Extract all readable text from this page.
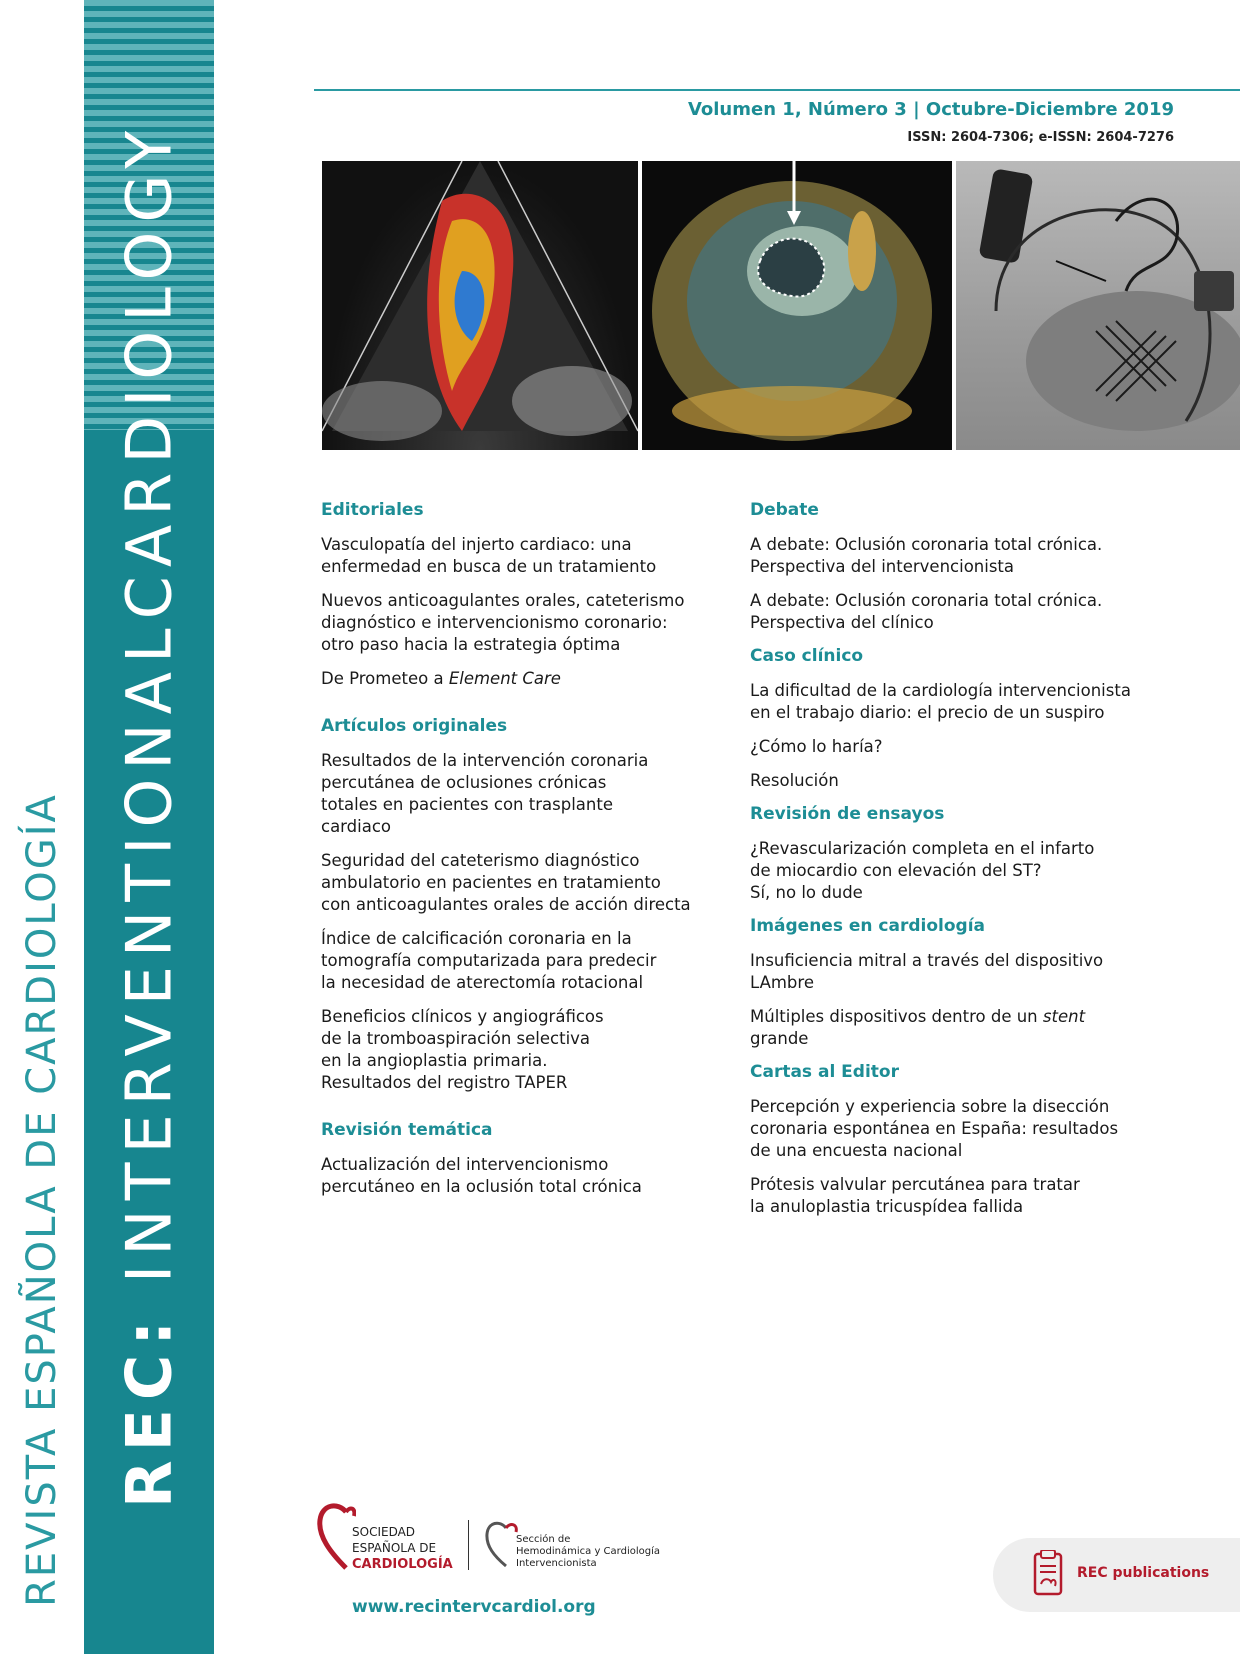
REVISTA ESPAÑOLA DE CARDIOLOGÍA REC: INTERVENTIONALCARDIOLOGY
Volumen 1, Número 3 | Octubre-Diciembre 2019
ISSN: 2604-7306; e-ISSN: 2604-7276
Editoriales
Vasculopatía del injerto cardiaco: una
enfermedad en busca de un tratamiento
Nuevos anticoagulantes orales, cateterismo
diagnóstico e intervencionismo coronario:
otro paso hacia la estrategia óptima
De Prometeo a Element Care
Artículos originales
Resultados de la intervención coronaria
percutánea de oclusiones crónicas
totales en pacientes con trasplante
cardiaco
Seguridad del cateterismo diagnóstico
ambulatorio en pacientes en tratamiento
con anticoagulantes orales de acción directa
Índice de calcificación coronaria en la
tomografía computarizada para predecir
la necesidad de aterectomía rotacional
Beneficios clínicos y angiográficos
de la tromboaspiración selectiva
en la angioplastia primaria.
Resultados del registro TAPER
Revisión temática
Actualización del intervencionismo
percutáneo en la oclusión total crónica
Debate
A debate: Oclusión coronaria total crónica.
Perspectiva del intervencionista
A debate: Oclusión coronaria total crónica.
Perspectiva del clínico
Caso clínico
La dificultad de la cardiología intervencionista
en el trabajo diario: el precio de un suspiro
¿Cómo lo haría?
Resolución
Revisión de ensayos
¿Revascularización completa en el infarto
de miocardio con elevación del ST?
Sí, no lo dude
Imágenes en cardiología
Insuficiencia mitral a través del dispositivo
LAmbre
Múltiples dispositivos dentro de un stent
grande
Cartas al Editor
Percepción y experiencia sobre la disección
coronaria espontánea en España: resultados
de una encuesta nacional
Prótesis valvular percutánea para tratar
la anuloplastia tricuspídea fallida
SOCIEDAD
ESPAÑOLA DE
CARDIOLOGÍA
Sección de
Hemodinámica y Cardiología
Intervencionista
www.recintervcardiol.org
REC publications
